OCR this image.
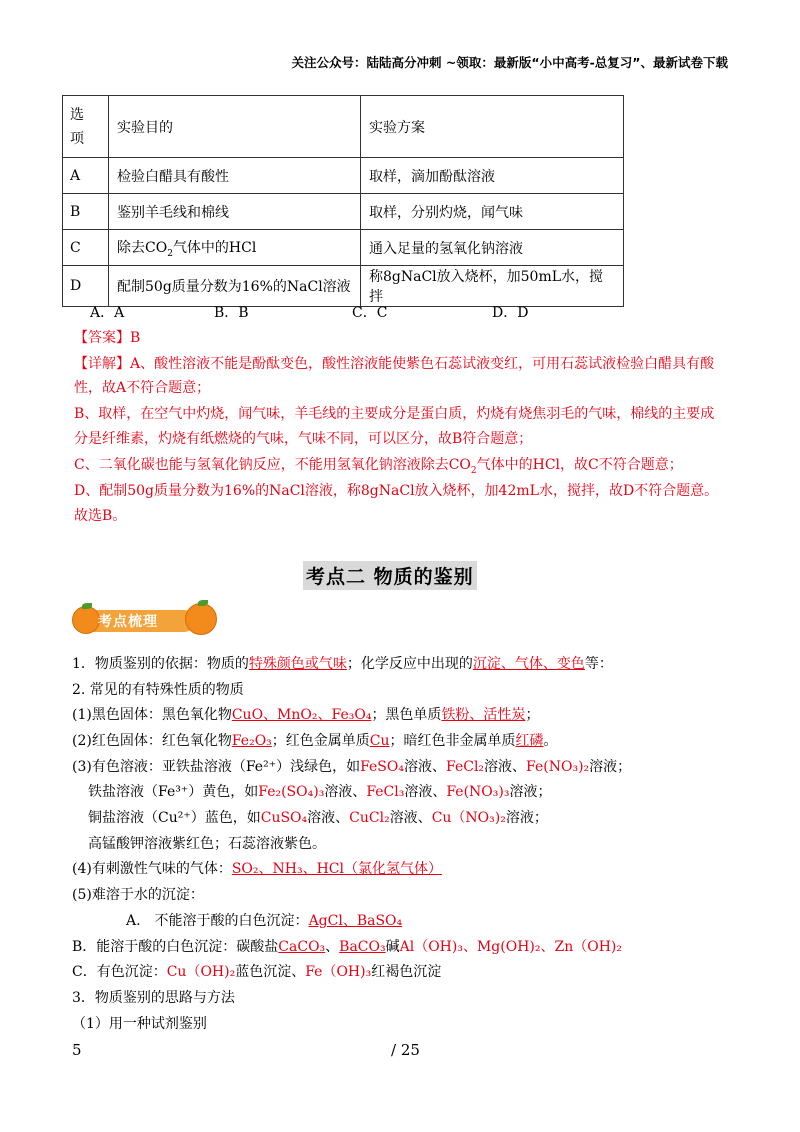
关注公众号：陆陆高分冲刺 ~领取：最新版“小中高考-总复习”、最新试卷下载
选项	实验目的	实验方案
A	检验白醋具有酸性	取样，滴加酚酞溶液
B	鉴别羊毛线和棉线	取样，分别灼烧，闻气味
C	除去$CO_2$气体中的HCl	通入足量的氢氧化钠溶液
D	配制50g质量分数为16%的NaCl溶液	称8gNaCl放入烧杯，加50mL水，搅拌
A．A	B．B	C．C	D．D
【答案】B
【详解】A、酸性溶液不能是酚酞变色，酸性溶液能使紫色石蕊试液变红，可用石蕊试液检验白醋具有酸
性，故A不符合题意；
B、取样，在空气中灼烧，闻气味，羊毛线的主要成分是蛋白质，灼烧有烧焦羽毛的气味，棉线的主要成
分是纤维素，灼烧有纸燃烧的气味，气味不同，可以区分，故B符合题意；
C、二氧化碳也能与氢氧化钠反应，不能用氢氧化钠溶液除去$CO_2$气体中的HCl，故C不符合题意；
D、配制50g质量分数为16%的NaCl溶液，称8gNaCl放入烧杯，加42mL水，搅拌，故D不符合题意。
故选B。
考点二 物质的鉴别
考点梳理
1．物质鉴别的依据：物质的特殊颜色或气味；化学反应中出现的沉淀、气体、变色等：
2. 常见的有特殊性质的物质
(1)黑色固体：黑色氧化物CuO、MnO₂、Fe₃O₄；黑色单质铁粉、活性炭；
(2)红色固体：红色氧化物Fe₂O₃；红色金属单质Cu；暗红色非金属单质红磷。
(3)有色溶液：亚铁盐溶液（Fe²⁺）浅绿色，如FeSO₄溶液、FeCl₂溶液、Fe(NO₃)₂溶液；
铁盐溶液（Fe³⁺）黄色，如Fe₂(SO₄)₃溶液、FeCl₃溶液、Fe(NO₃)₃溶液；
铜盐溶液（Cu²⁺）蓝色，如CuSO₄溶液、CuCl₂溶液、Cu（NO₃)₂溶液；
高锰酸钾溶液紫红色；石蕊溶液紫色。
(4)有刺激性气味的气体：SO₂、NH₃、HCl（氯化氢气体）
(5)难溶于水的沉淀：
A.　不能溶于酸的白色沉淀：AgCl、BaSO₄
B．能溶于酸的白色沉淀：碳酸盐CaCO₃、BaCO₃碱Al（OH)₃、Mg(OH)₂、Zn（OH)₂
C．有色沉淀：Cu（OH)₂蓝色沉淀、Fe（OH)₃红褐色沉淀
3．物质鉴别的思路与方法
（1）用一种试剂鉴别
5	/ 25
